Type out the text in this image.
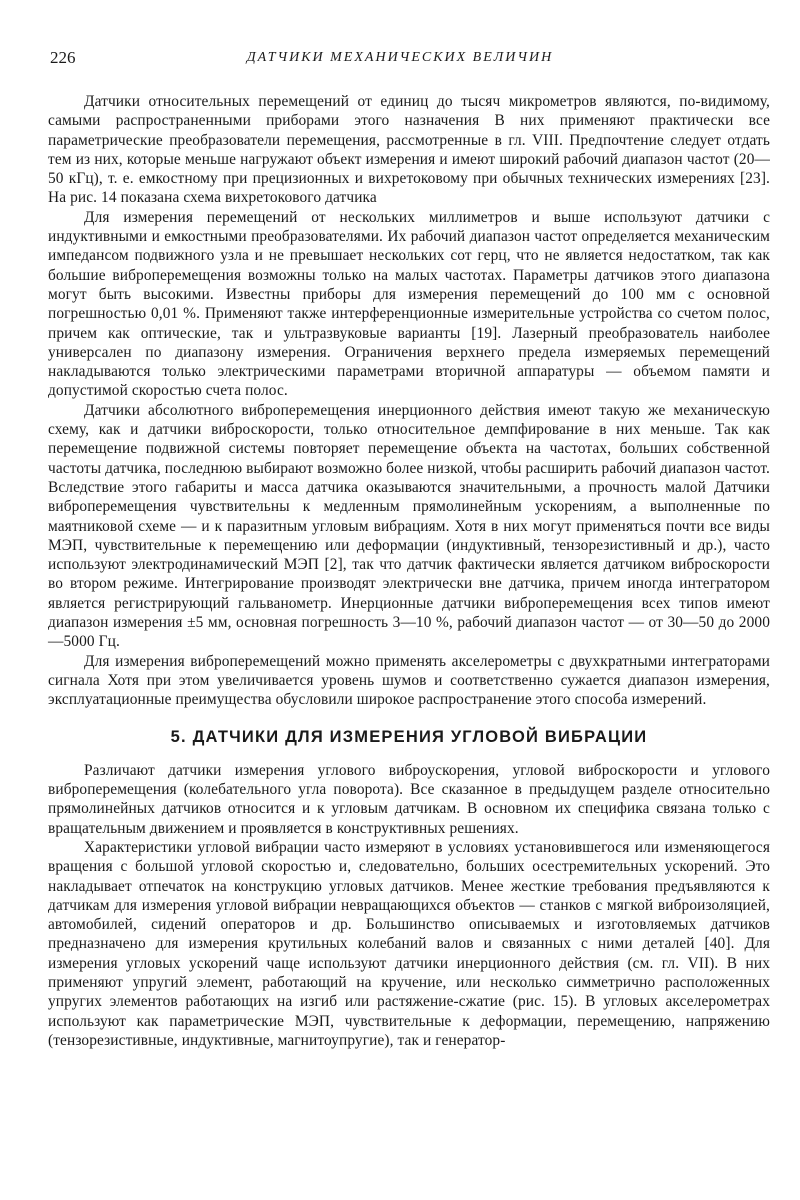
226	ДАТЧИКИ МЕХАНИЧЕСКИХ ВЕЛИЧИН

Датчики относительных перемещений от единиц до тысяч микрометров являются, по-видимому, самыми распространенными приборами этого назначения В них применяют практически все параметрические преобразователи перемещения, рассмотренные в гл. VIII. Предпочтение следует отдать тем из них, которые меньше нагружают объект измерения и имеют широкий рабочий диапазон частот (20—50 кГц), т. е. емкостному при прецизионных и вихретоковому при обычных технических измерениях [23]. На рис. 14 показана схема вихретокового датчика

Для измерения перемещений от нескольких миллиметров и выше используют датчики с индуктивными и емкостными преобразователями. Их рабочий диапазон частот определяется механическим импедансом подвижного узла и не превышает нескольких сот герц, что не является недостатком, так как большие виброперемещения возможны только на малых частотах. Параметры датчиков этого диапазона могут быть высокими. Известны приборы для измерения перемещений до 100 мм с основной погрешностью 0,01 %. Применяют также интерференционные измерительные устройства со счетом полос, причем как оптические, так и ультразвуковые варианты [19]. Лазерный преобразователь наиболее универсален по диапазону измерения. Ограничения верхнего предела измеряемых перемещений накладываются только электрическими параметрами вторичной аппаратуры — объемом памяти и допустимой скоростью счета полос.

Датчики абсолютного виброперемещения инерционного действия имеют такую же механическую схему, как и датчики виброскорости, только относительное демпфирование в них меньше. Так как перемещение подвижной системы повторяет перемещение объекта на частотах, больших собственной частоты датчика, последнюю выбирают возможно более низкой, чтобы расширить рабочий диапазон частот. Вследствие этого габариты и масса датчика оказываются значительными, а прочность малой Датчики виброперемещения чувствительны к медленным прямолинейным ускорениям, а выполненные по маятниковой схеме — и к паразитным угловым вибрациям. Хотя в них могут применяться почти все виды МЭП, чувствительные к перемещению или деформации (индуктивный, тензорезистивный и др.), часто используют электродинамический МЭП [2], так что датчик фактически является датчиком виброскорости во втором режиме. Интегрирование производят электрически вне датчика, причем иногда интегратором является регистрирующий гальванометр. Инерционные датчики виброперемещения всех типов имеют диапазон измерения ±5 мм, основная погрешность 3—10 %, рабочий диапазон частот — от 30—50 до 2000—5000 Гц.

Для измерения виброперемещений можно применять акселерометры с двухкратными интеграторами сигнала Хотя при этом увеличивается уровень шумов и соответственно сужается диапазон измерения, эксплуатационные преимущества обусловили широкое распространение этого способа измерений.

5. ДАТЧИКИ ДЛЯ ИЗМЕРЕНИЯ УГЛОВОЙ ВИБРАЦИИ

Различают датчики измерения углового виброускорения, угловой виброскорости и углового виброперемещения (колебательного угла поворота). Все сказанное в предыдущем разделе относительно прямолинейных датчиков относится и к угловым датчикам. В основном их специфика связана только с вращательным движением и проявляется в конструктивных решениях.

Характеристики угловой вибрации часто измеряют в условиях установившегося или изменяющегося вращения с большой угловой скоростью и, следовательно, больших осестремительных ускорений. Это накладывает отпечаток на конструкцию угловых датчиков. Менее жесткие требования предъявляются к датчикам для измерения угловой вибрации невращающихся объектов — станков с мягкой виброизоляцией, автомобилей, сидений операторов и др. Большинство описываемых и изготовляемых датчиков предназначено для измерения крутильных колебаний валов и связанных с ними деталей [40]. Для измерения угловых ускорений чаще используют датчики инерционного действия (см. гл. VII). В них применяют упругий элемент, работающий на кручение, или несколько симметрично расположенных упругих элементов работающих на изгиб или растяжение-сжатие (рис. 15). В угловых акселерометрах используют как параметрические МЭП, чувствительные к деформации, перемещению, напряжению (тензорезистивные, индуктивные, магнитоупругие), так и генератор-
